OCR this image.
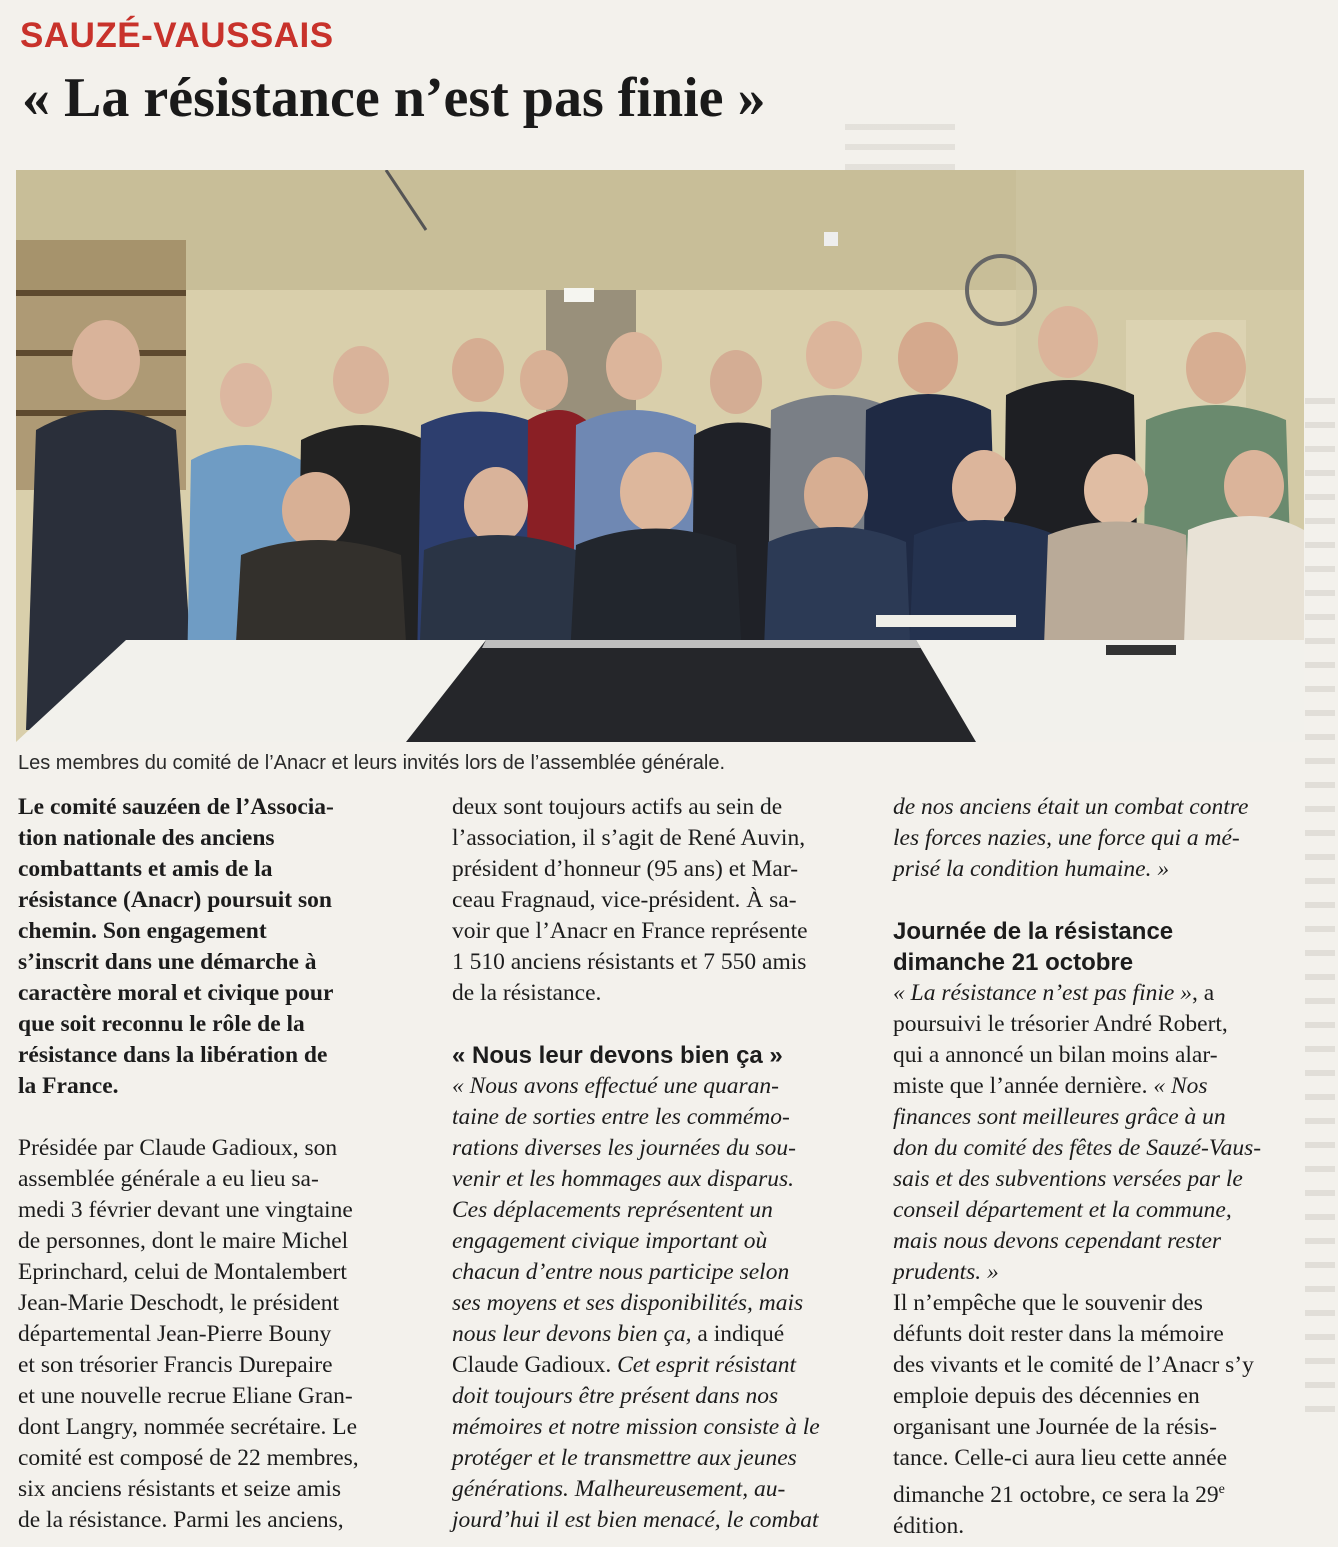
SAUZÉ-VAUSSAIS
« La résistance n’est pas finie »
Les membres du comité de l’Anacr et leurs invités lors de l’assemblée générale.

Le comité sauzéen de l’Associa-

tion nationale des anciens

combattants et amis de la

résistance (Anacr) poursuit son

chemin. Son engagement

s’inscrit dans une démarche à

caractère moral et civique pour

que soit reconnu le rôle de la

résistance dans la libération de

la France.

Présidée par Claude Gadioux, son

assemblée générale a eu lieu sa-

medi 3 février devant une vingtaine

de personnes, dont le maire Michel

Eprinchard, celui de Montalembert

Jean-Marie Deschodt, le président

départemental Jean-Pierre Bouny

et son trésorier Francis Durepaire

et une nouvelle recrue Eliane Gran-

dont Langry, nommée secrétaire. Le

comité est composé de 22 membres,

six anciens résistants et seize amis

de la résistance. Parmi les anciens,

deux sont toujours actifs au sein de

l’association, il s’agit de René Auvin,

président d’honneur (95 ans) et Mar-

ceau Fragnaud, vice-président. À sa-

voir que l’Anacr en France représente

1 510 anciens résistants et 7 550 amis

de la résistance.

« Nous leur devons bien ça »

« Nous avons effectué une quaran-

taine de sorties entre les commémo-

rations diverses les journées du sou-

venir et les hommages aux disparus.

Ces déplacements représentent un

engagement civique important où

chacun d’entre nous participe selon

ses moyens et ses disponibilités, mais

nous leur devons bien ça, a indiqué

Claude Gadioux. Cet esprit résistant

doit toujours être présent dans nos

mémoires et notre mission consiste à le

protéger et le transmettre aux jeunes

générations. Malheureusement, au-

jourd’hui il est bien menacé, le combat

de nos anciens était un combat contre

les forces nazies, une force qui a mé-

prisé la condition humaine. »

Journée de la résistance

dimanche 21 octobre

« La résistance n’est pas finie », a

poursuivi le trésorier André Robert,

qui a annoncé un bilan moins alar-

miste que l’année dernière. « Nos

finances sont meilleures grâce à un

don du comité des fêtes de Sauzé-Vaus-

sais et des subventions versées par le

conseil département et la commune,

mais nous devons cependant rester

prudents. »

Il n’empêche que le souvenir des

défunts doit rester dans la mémoire

des vivants et le comité de l’Anacr s’y

emploie depuis des décennies en

organisant une Journée de la résis-

tance. Celle-ci aura lieu cette année

dimanche 21 octobre, ce sera la 29e

édition.
